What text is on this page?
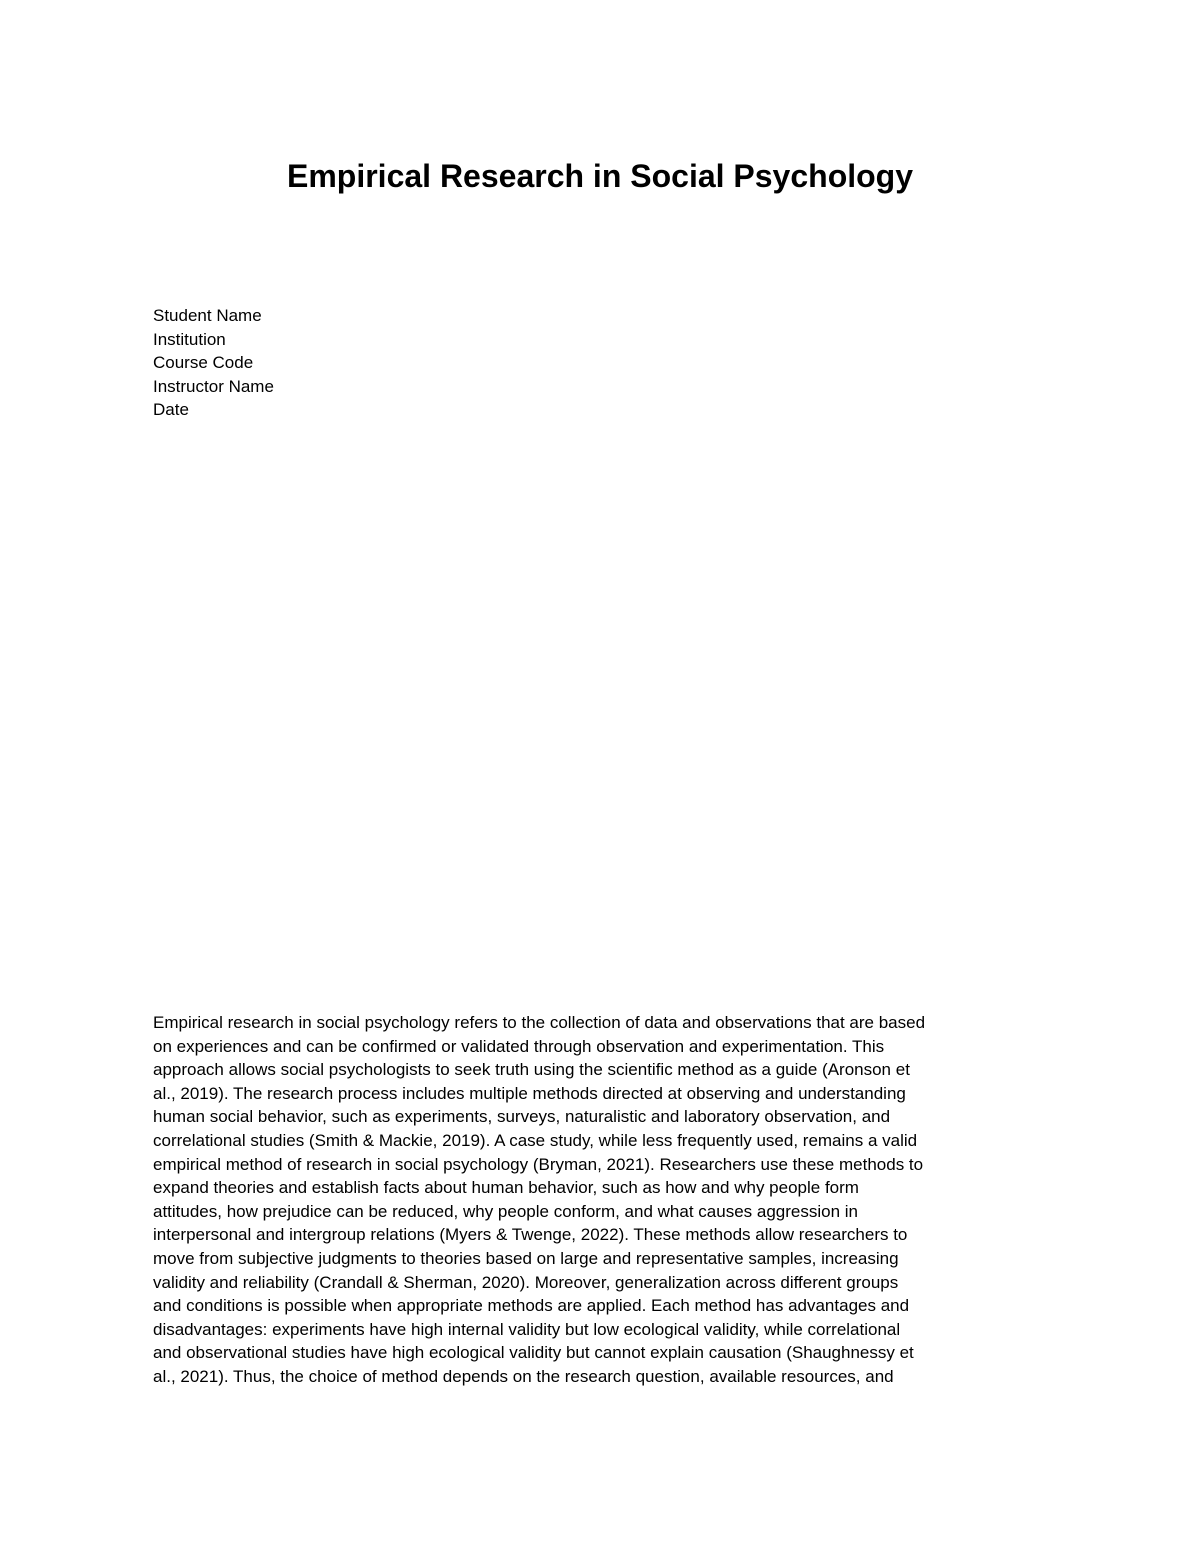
Empirical Research in Social Psychology
Student Name
Institution
Course Code
Instructor Name
Date

Empirical research in social psychology refers to the collection of data and observations that are based
on experiences and can be confirmed or validated through observation and experimentation. This
approach allows social psychologists to seek truth using the scientific method as a guide (Aronson et
al., 2019). The research process includes multiple methods directed at observing and understanding
human social behavior, such as experiments, surveys, naturalistic and laboratory observation, and
correlational studies (Smith & Mackie, 2019). A case study, while less frequently used, remains a valid
empirical method of research in social psychology (Bryman, 2021). Researchers use these methods to
expand theories and establish facts about human behavior, such as how and why people form
attitudes, how prejudice can be reduced, why people conform, and what causes aggression in
interpersonal and intergroup relations (Myers & Twenge, 2022). These methods allow researchers to
move from subjective judgments to theories based on large and representative samples, increasing
validity and reliability (Crandall & Sherman, 2020). Moreover, generalization across different groups
and conditions is possible when appropriate methods are applied. Each method has advantages and
disadvantages: experiments have high internal validity but low ecological validity, while correlational
and observational studies have high ecological validity but cannot explain causation (Shaughnessy et
al., 2021). Thus, the choice of method depends on the research question, available resources, and
